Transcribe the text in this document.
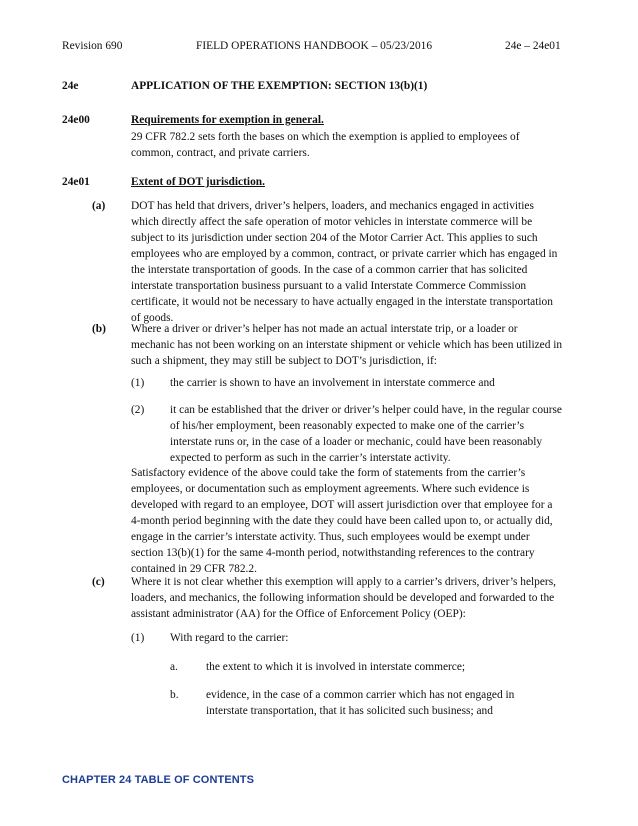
Revision 690	FIELD OPERATIONS HANDBOOK – 05/23/2016	24e – 24e01
24e	APPLICATION OF THE EXEMPTION: SECTION 13(b)(1)
24e00	Requirements for exemption in general.
29 CFR 782.2 sets forth the bases on which the exemption is applied to employees of common, contract, and private carriers.
24e01	Extent of DOT jurisdiction.
(a) DOT has held that drivers, driver’s helpers, loaders, and mechanics engaged in activities which directly affect the safe operation of motor vehicles in interstate commerce will be subject to its jurisdiction under section 204 of the Motor Carrier Act. This applies to such employees who are employed by a common, contract, or private carrier which has engaged in the interstate transportation of goods. In the case of a common carrier that has solicited interstate transportation business pursuant to a valid Interstate Commerce Commission certificate, it would not be necessary to have actually engaged in the interstate transportation of goods.
(b) Where a driver or driver’s helper has not made an actual interstate trip, or a loader or mechanic has not been working on an interstate shipment or vehicle which has been utilized in such a shipment, they may still be subject to DOT’s jurisdiction, if:
(1) the carrier is shown to have an involvement in interstate commerce and
(2) it can be established that the driver or driver’s helper could have, in the regular course of his/her employment, been reasonably expected to make one of the carrier’s interstate runs or, in the case of a loader or mechanic, could have been reasonably expected to perform as such in the carrier’s interstate activity.
Satisfactory evidence of the above could take the form of statements from the carrier’s employees, or documentation such as employment agreements. Where such evidence is developed with regard to an employee, DOT will assert jurisdiction over that employee for a 4-month period beginning with the date they could have been called upon to, or actually did, engage in the carrier’s interstate activity. Thus, such employees would be exempt under section 13(b)(1) for the same 4-month period, notwithstanding references to the contrary contained in 29 CFR 782.2.
(c) Where it is not clear whether this exemption will apply to a carrier’s drivers, driver’s helpers, loaders, and mechanics, the following information should be developed and forwarded to the assistant administrator (AA) for the Office of Enforcement Policy (OEP):
(1) With regard to the carrier:
a. the extent to which it is involved in interstate commerce;
b. evidence, in the case of a common carrier which has not engaged in interstate transportation, that it has solicited such business; and
CHAPTER 24 TABLE OF CONTENTS
